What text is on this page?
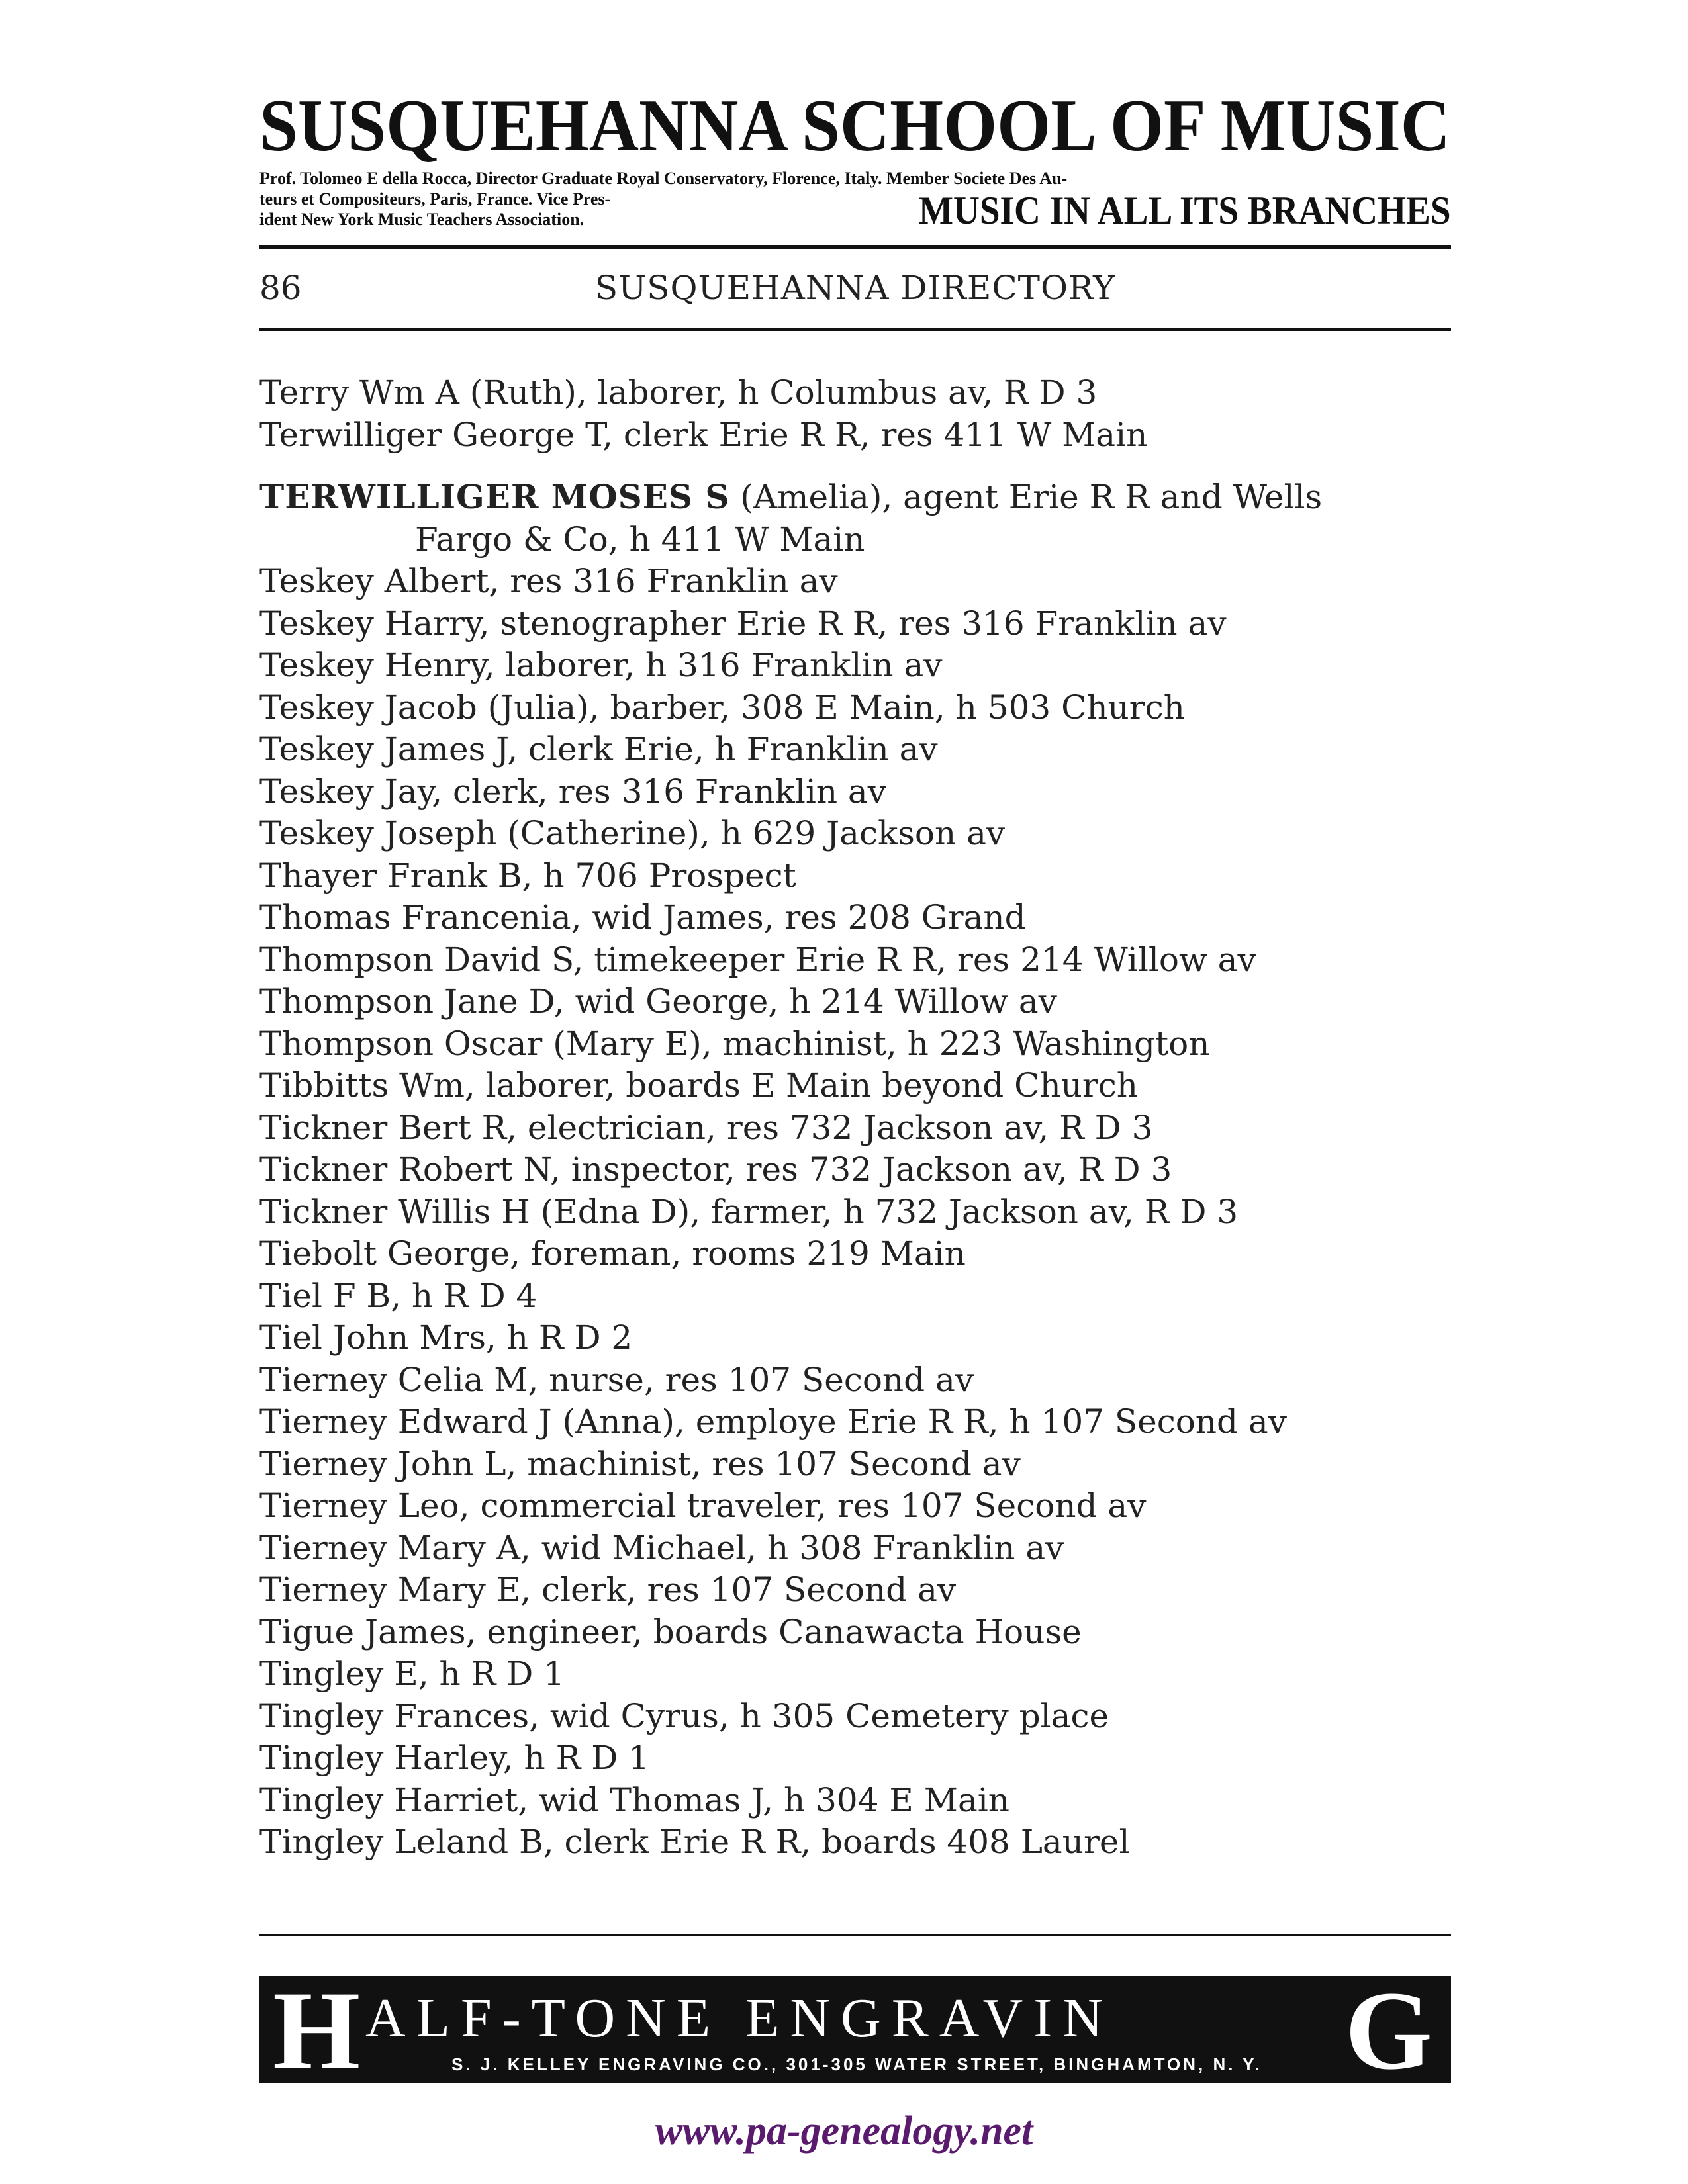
SUSQUEHANNA SCHOOL OF MUSIC
Prof. Tolomeo E della Rocca, Director Graduate Royal Conservatory, Florence, Italy. Member Societe Des Au-
teurs et Compositeurs, Paris, France. Vice Pres-
ident New York Music Teachers Association.	MUSIC IN ALL ITS BRANCHES
86	SUSQUEHANNA DIRECTORY
Terry Wm A (Ruth), laborer, h Columbus av, R D 3
Terwilliger George T, clerk Erie R R, res 411 W Main
TERWILLIGER MOSES S (Amelia), agent Erie R R and Wells
Fargo & Co, h 411 W Main
Teskey Albert, res 316 Franklin av
Teskey Harry, stenographer Erie R R, res 316 Franklin av
Teskey Henry, laborer, h 316 Franklin av
Teskey Jacob (Julia), barber, 308 E Main, h 503 Church
Teskey James J, clerk Erie, h Franklin av
Teskey Jay, clerk, res 316 Franklin av
Teskey Joseph (Catherine), h 629 Jackson av
Thayer Frank B, h 706 Prospect
Thomas Francenia, wid James, res 208 Grand
Thompson David S, timekeeper Erie R R, res 214 Willow av
Thompson Jane D, wid George, h 214 Willow av
Thompson Oscar (Mary E), machinist, h 223 Washington
Tibbitts Wm, laborer, boards E Main beyond Church
Tickner Bert R, electrician, res 732 Jackson av, R D 3
Tickner Robert N, inspector, res 732 Jackson av, R D 3
Tickner Willis H (Edna D), farmer, h 732 Jackson av, R D 3
Tiebolt George, foreman, rooms 219 Main
Tiel F B, h R D 4
Tiel John Mrs, h R D 2
Tierney Celia M, nurse, res 107 Second av
Tierney Edward J (Anna), employe Erie R R, h 107 Second av
Tierney John L, machinist, res 107 Second av
Tierney Leo, commercial traveler, res 107 Second av
Tierney Mary A, wid Michael, h 308 Franklin av
Tierney Mary E, clerk, res 107 Second av
Tigue James, engineer, boards Canawacta House
Tingley E, h R D 1
Tingley Frances, wid Cyrus, h 305 Cemetery place
Tingley Harley, h R D 1
Tingley Harriet, wid Thomas J, h 304 E Main
Tingley Leland B, clerk Erie R R, boards 408 Laurel
H ALF-TONE ENGRAVIN	G
S. J. KELLEY ENGRAVING CO., 301-305 WATER STREET, BINGHAMTON, N. Y.
www.pa-genealogy.net
